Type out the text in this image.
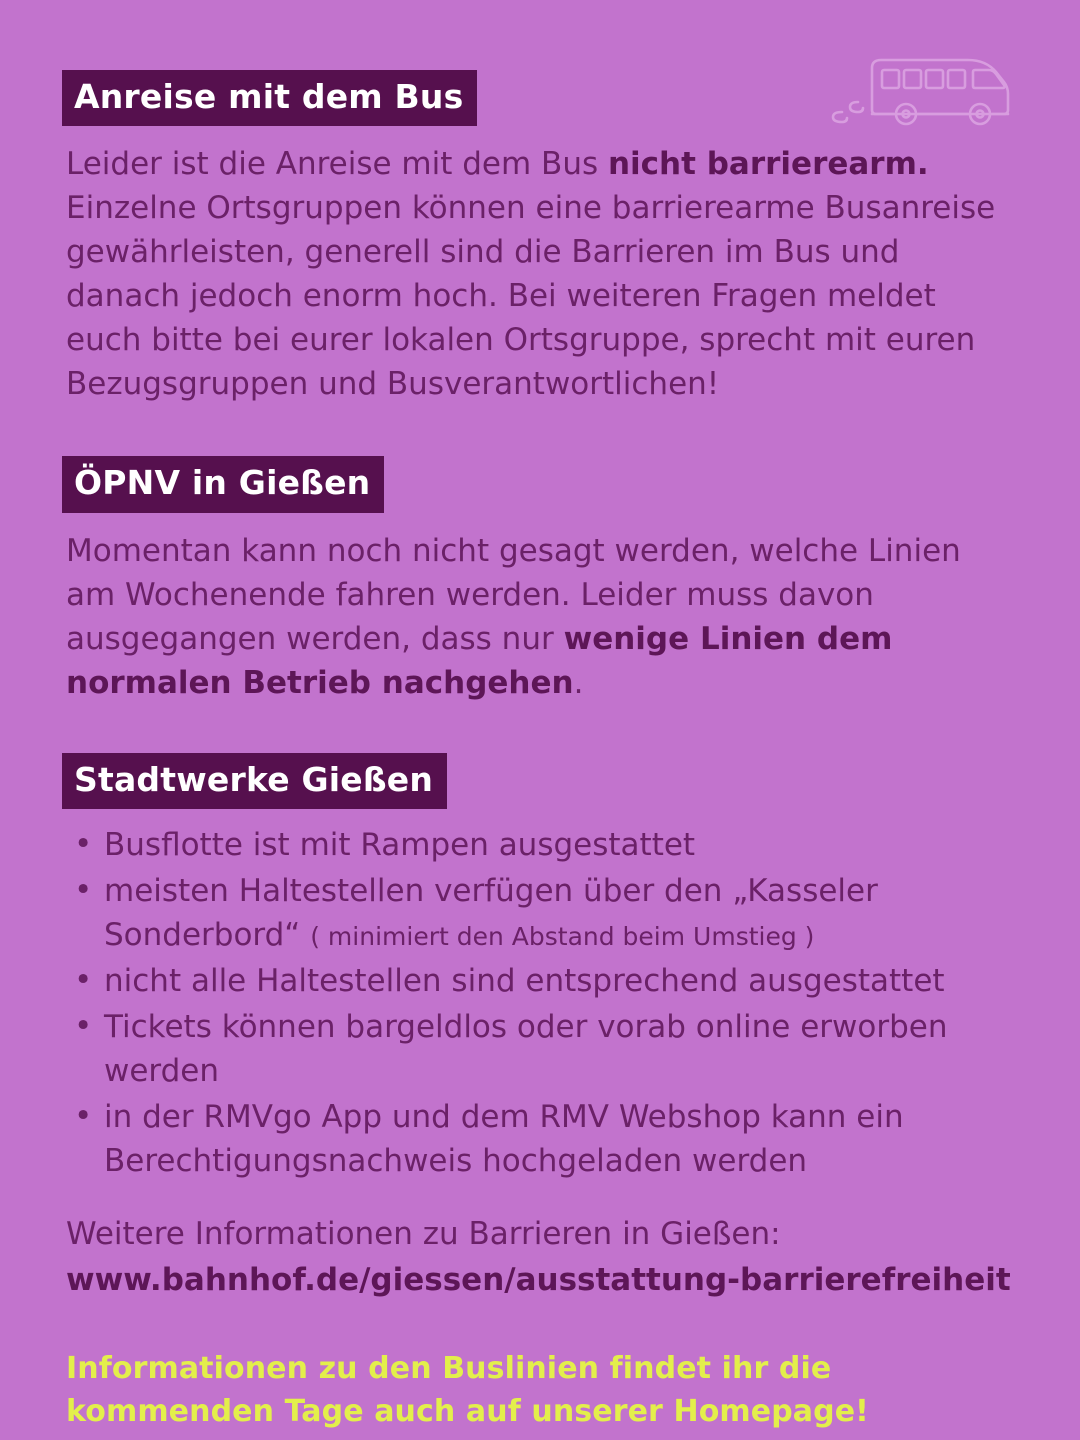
Anreise mit dem Bus

Leider ist die Anreise mit dem Bus nicht barrierearm. Einzelne Ortsgruppen können eine barrierearme Busanreise gewährleisten, generell sind die Barrieren im Bus und danach jedoch enorm hoch. Bei weiteren Fragen meldet euch bitte bei eurer lokalen Ortsgruppe, sprecht mit euren Bezugsgruppen und Busverantwortlichen!

ÖPNV in Gießen

Momentan kann noch nicht gesagt werden, welche Linien am Wochenende fahren werden. Leider muss davon ausgegangen werden, dass nur wenige Linien dem normalen Betrieb nachgehen.

Stadtwerke Gießen
• Busflotte ist mit Rampen ausgestattet
• meisten Haltestellen verfügen über den „Kasseler Sonderbord“ ( minimiert den Abstand beim Umstieg )
• nicht alle Haltestellen sind entsprechend ausgestattet
• Tickets können bargeldlos oder vorab online erworben werden
• in der RMVgo App und dem RMV Webshop kann ein Berechtigungsnachweis hochgeladen werden

Weitere Informationen zu Barrieren in Gießen:

www.bahnhof.de/giessen/ausstattung-barrierefreiheit

Informationen zu den Buslinien findet ihr die kommenden Tage auch auf unserer Homepage!
